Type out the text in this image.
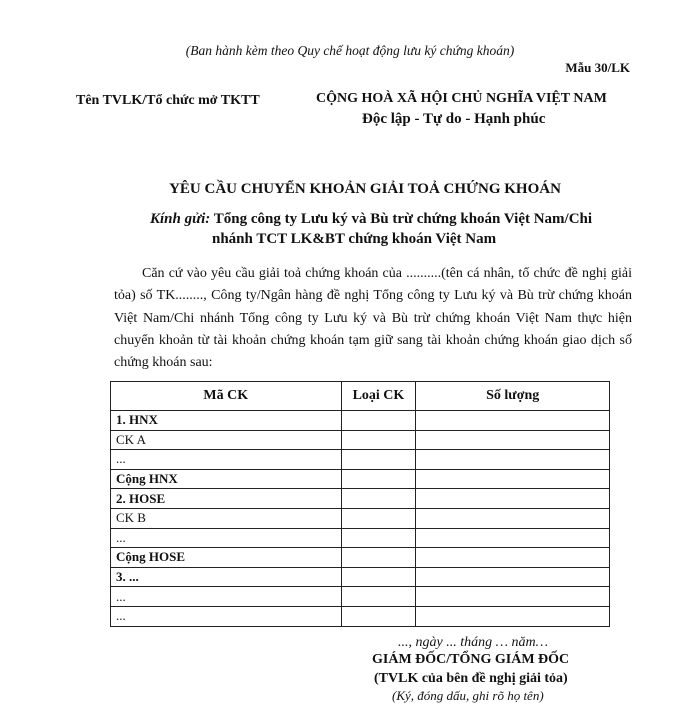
(Ban hành kèm theo Quy chế hoạt động lưu ký chứng khoán)
Mẫu 30/LK
Tên TVLK/Tổ chức mở TKTT	CỘNG HOÀ XÃ HỘI CHỦ NGHĨA VIỆT NAM
Độc lập - Tự do - Hạnh phúc
YÊU CẦU CHUYỂN KHOẢN GIẢI TOẢ CHỨNG KHOÁN
Kính gửi: Tổng công ty Lưu ký và Bù trừ chứng khoán Việt Nam/Chi
nhánh TCT LK&BT chứng khoán Việt Nam
Căn cứ vào yêu cầu giải toả chứng khoán của ..........(tên cá nhân, tổ chức đề nghị giải tỏa) số TK........, Công ty/Ngân hàng đề nghị Tổng công ty Lưu ký và Bù trừ chứng khoán Việt Nam/Chi nhánh Tổng công ty Lưu ký và Bù trừ chứng khoán Việt Nam thực hiện chuyển khoản từ tài khoản chứng khoán tạm giữ sang tài khoản chứng khoán giao dịch số chứng khoán sau:
Mã CK	Loại CK	Số lượng
1. HNX		
CK A		
...		
Cộng HNX		
2. HOSE		
CK B		
...		
Cộng HOSE		
3. ...		
...		
...		
..., ngày ... tháng … năm…
GIÁM ĐỐC/TỔNG GIÁM ĐỐC
(TVLK của bên đề nghị giải tỏa)
(Ký, đóng dấu, ghi rõ họ tên)
